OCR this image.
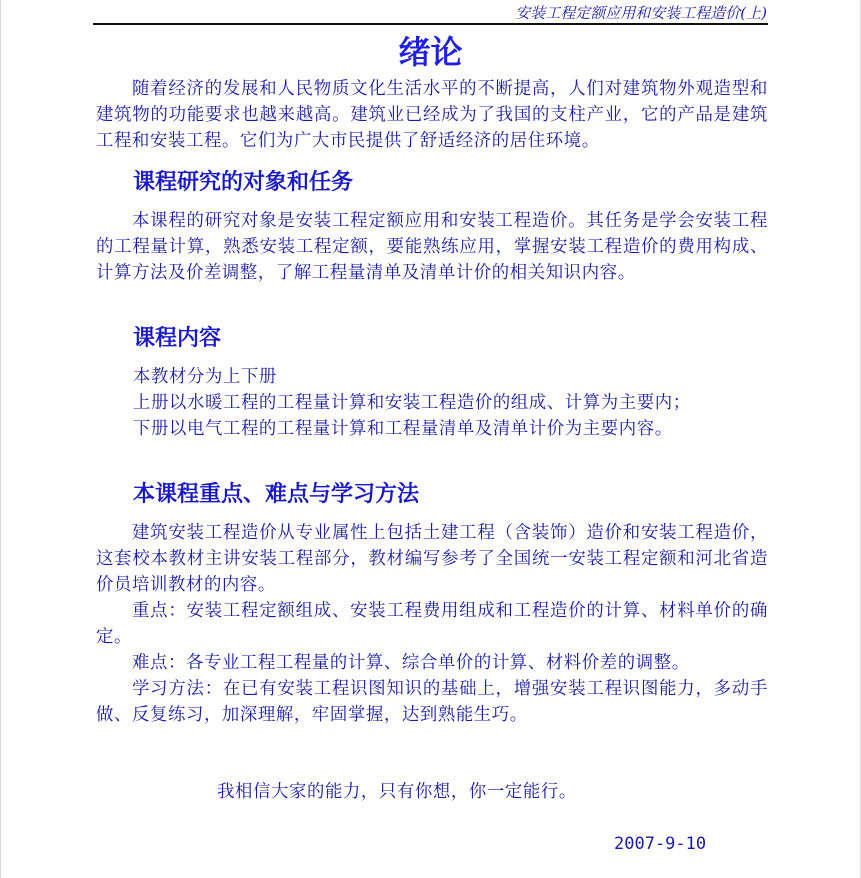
安装工程定额应用和安装工程造价(上)
绪论

随着经济的发展和人民物质文化生活水平的不断提高，人们对建筑物外观造型和建筑物的功能要求也越来越高。建筑业已经成为了我国的支柱产业，它的产品是建筑工程和安装工程。它们为广大市民提供了舒适经济的居住环境。

课程研究的对象和任务

本课程的研究对象是安装工程定额应用和安装工程造价。其任务是学会安装工程的工程量计算，熟悉安装工程定额，要能熟练应用，掌握安装工程造价的费用构成、计算方法及价差调整，了解工程量清单及清单计价的相关知识内容。

课程内容
本教材分为上下册
上册以水暖工程的工程量计算和安装工程造价的组成、计算为主要内；
下册以电气工程的工程量计算和工程量清单及清单计价为主要内容。
本课程重点、难点与学习方法

建筑安装工程造价从专业属性上包括土建工程（含装饰）造价和安装工程造价，这套校本教材主讲安装工程部分，教材编写参考了全国统一安装工程定额和河北省造价员培训教材的内容。

重点：安装工程定额组成、安装工程费用组成和工程造价的计算、材料单价的确定。

难点：各专业工程工程量的计算、综合单价的计算、材料价差的调整。

学习方法：在已有安装工程识图知识的基础上，增强安装工程识图能力，多动手做、反复练习，加深理解，牢固掌握，达到熟能生巧。

我相信大家的能力，只有你想，你一定能行。
2007-9-10
